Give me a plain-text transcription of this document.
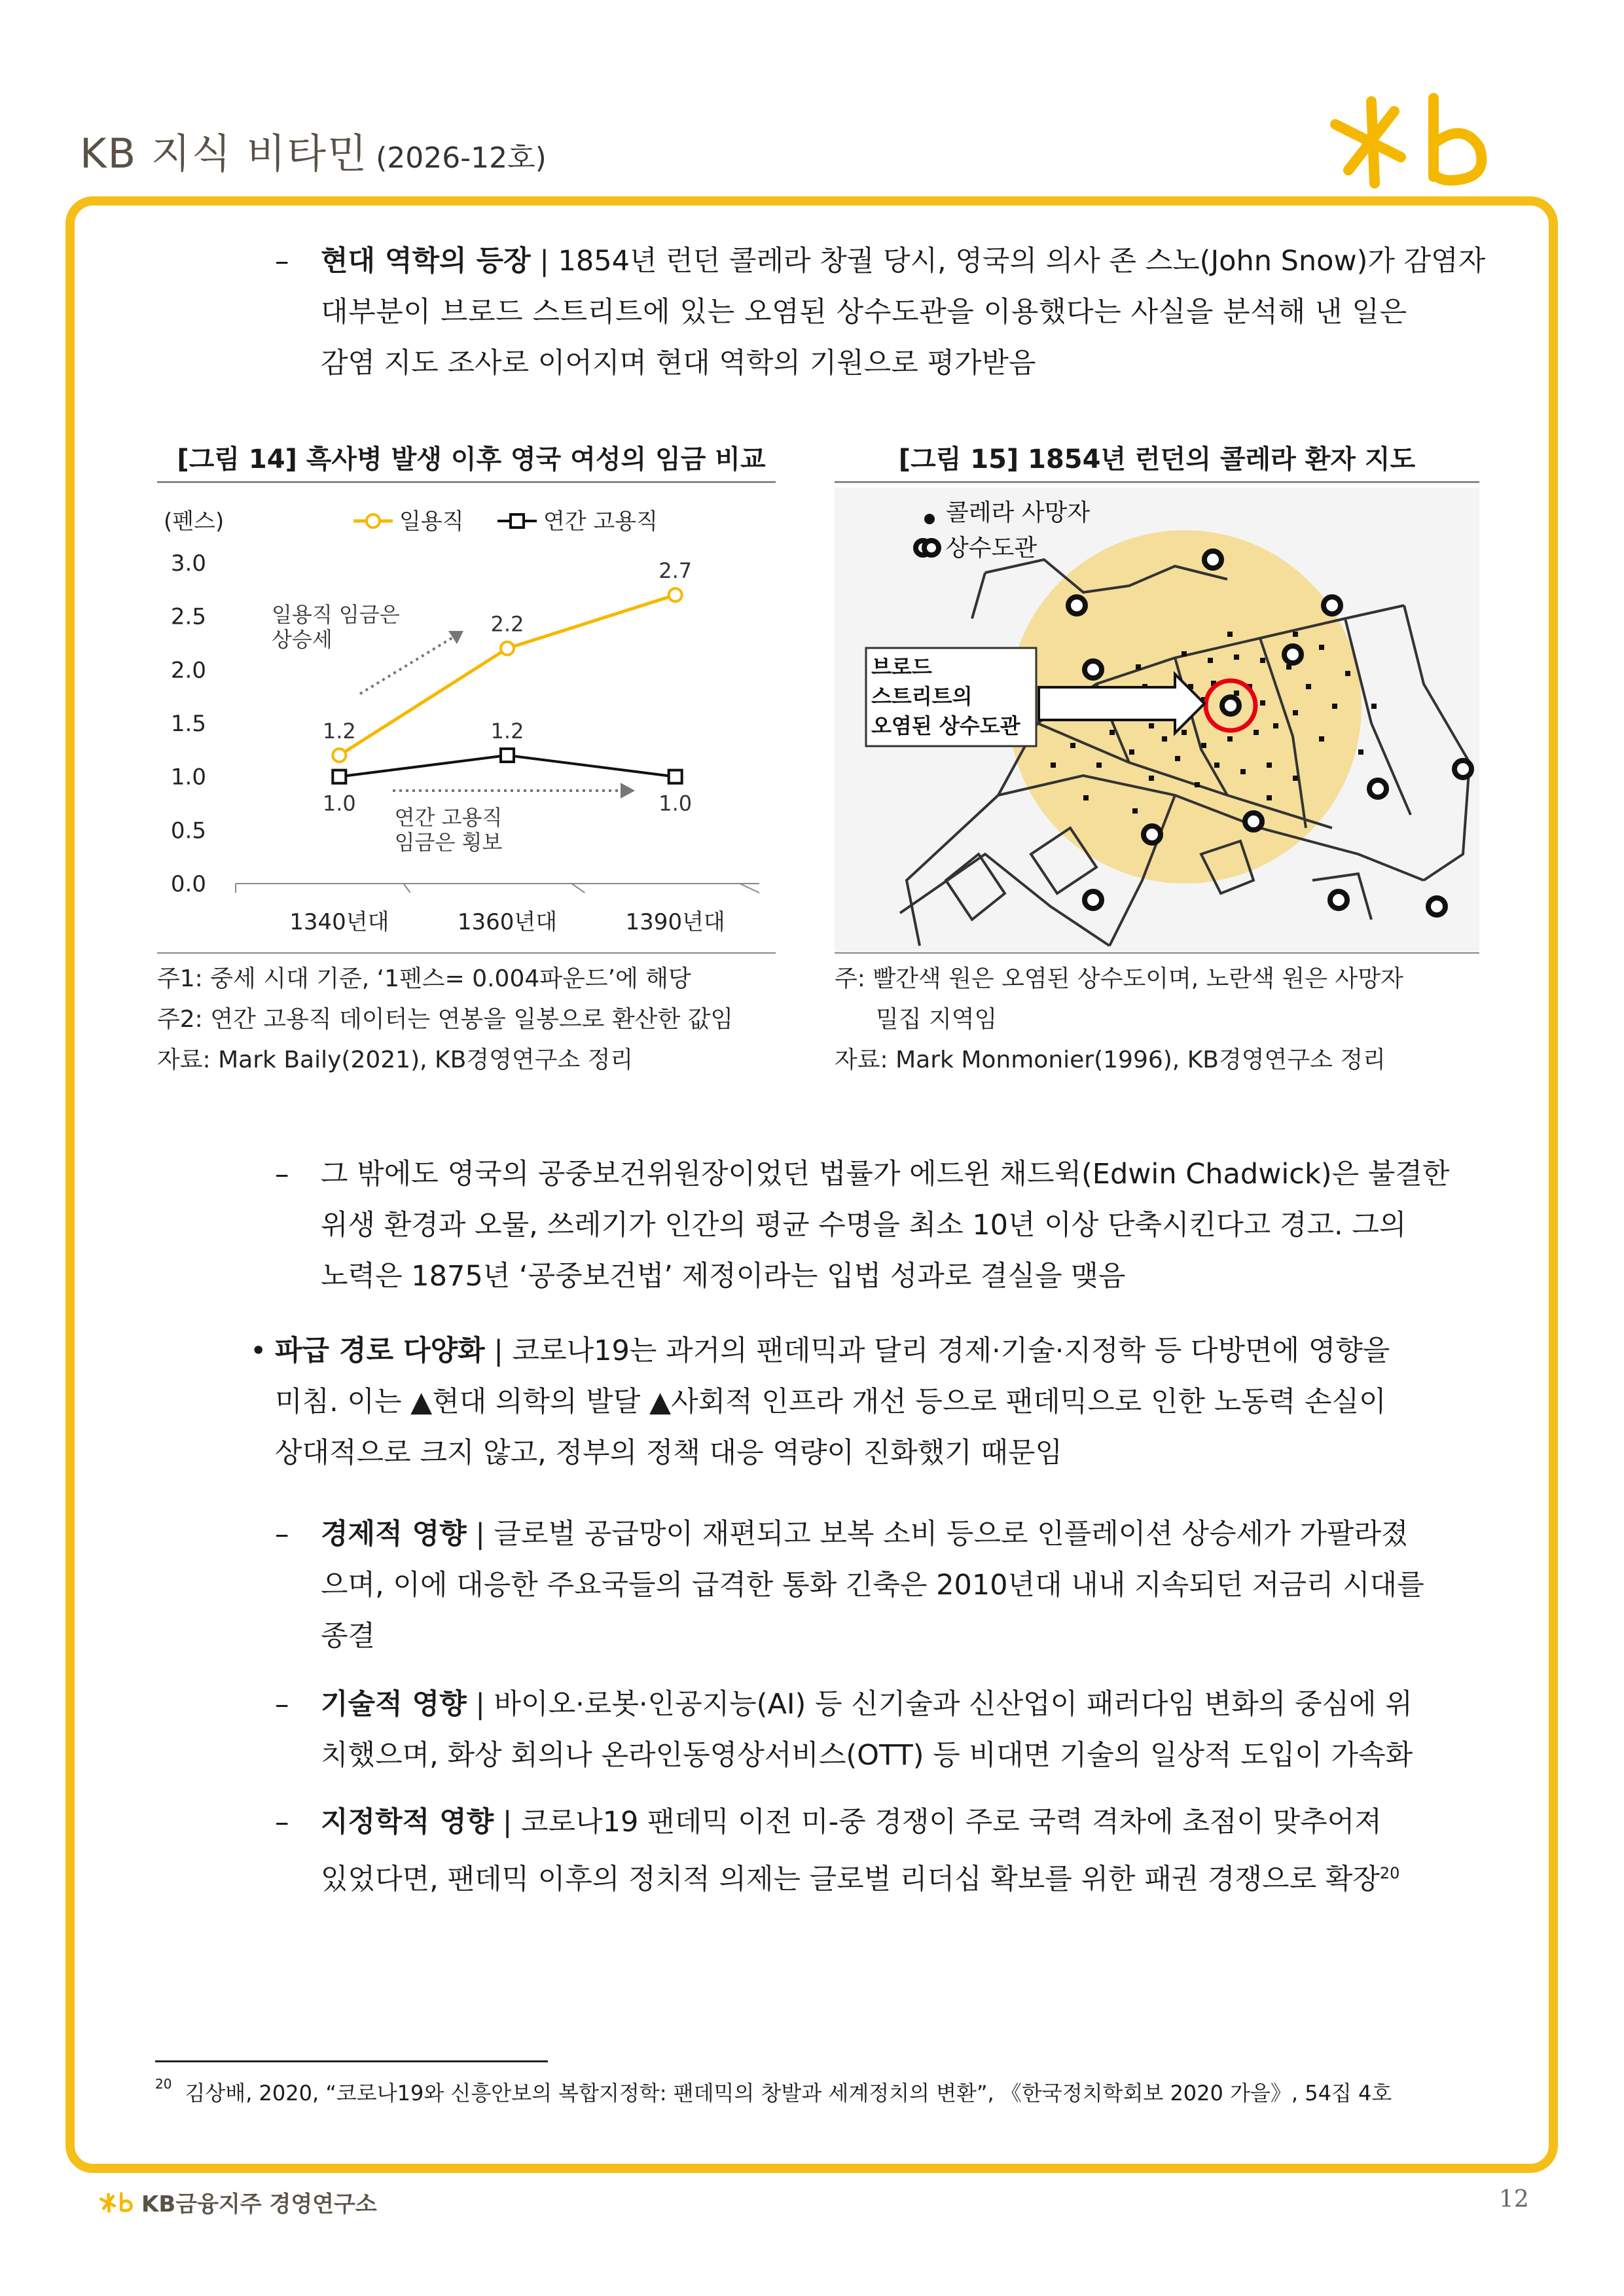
KB 지식 비타민 (2026-12호)
– 현대 역학의 등장 | 1854년 런던 콜레라 창궐 당시, 영국의 의사 존 스노(John Snow)가 감염자
대부분이 브로드 스트리트에 있는 오염된 상수도관을 이용했다는 사실을 분석해 낸 일은
감염 지도 조사로 이어지며 현대 역학의 기원으로 평가받음
[그림 14] 흑사병 발생 이후 영국 여성의 임금 비교
(펜스)	일용직	연간 고용직
0.0
0.5
1.0
1.5
2.0
2.5
3.0
1340년대	1360년대	1390년대
일용직 임금은
상승세
연간 고용직
임금은 횡보
1.2
2.2
2.7
1.0
1.2
1.0
주1: 중세 시대 기준, ‘1펜스= 0.004파운드’에 해당
주2: 연간 고용직 데이터는 연봉을 일봉으로 환산한 값임
자료: Mark Baily(2021), KB경영연구소 정리
[그림 15] 1854년 런던의 콜레라 환자 지도
브로드
스트리트의
오염된 상수도관
콜레라 사망자
상수도관
주: 빨간색 원은 오염된 상수도이며, 노란색 원은 사망자
밀집 지역임
자료: Mark Monmonier(1996), KB경영연구소 정리
– 그 밖에도 영국의 공중보건위원장이었던 법률가 에드윈 채드윅(Edwin Chadwick)은 불결한
위생 환경과 오물, 쓰레기가 인간의 평균 수명을 최소 10년 이상 단축시킨다고 경고. 그의
노력은 1875년 ‘공중보건법’ 제정이라는 입법 성과로 결실을 맺음
• 파급 경로 다양화 | 코로나19는 과거의 팬데믹과 달리 경제·기술·지정학 등 다방면에 영향을
미침. 이는 ▲현대 의학의 발달 ▲사회적 인프라 개선 등으로 팬데믹으로 인한 노동력 손실이
상대적으로 크지 않고, 정부의 정책 대응 역량이 진화했기 때문임
– 경제적 영향 | 글로벌 공급망이 재편되고 보복 소비 등으로 인플레이션 상승세가 가팔라졌
으며, 이에 대응한 주요국들의 급격한 통화 긴축은 2010년대 내내 지속되던 저금리 시대를
종결
– 기술적 영향 | 바이오·로봇·인공지능(AI) 등 신기술과 신산업이 패러다임 변화의 중심에 위
치했으며, 화상 회의나 온라인동영상서비스(OTT) 등 비대면 기술의 일상적 도입이 가속화
– 지정학적 영향 | 코로나19 팬데믹 이전 미-중 경쟁이 주로 국력 격차에 초점이 맞추어져
있었다면, 팬데믹 이후의 정치적 의제는 글로벌 리더십 확보를 위한 패권 경쟁으로 확장$^{20}$
$^{20}$ 김상배, 2020, “코로나19와 신흥안보의 복합지정학: 팬데믹의 창발과 세계정치의 변환”, 《한국정치학회보 2020 가을》, 54집 4호
KB금융지주 경영연구소	12
